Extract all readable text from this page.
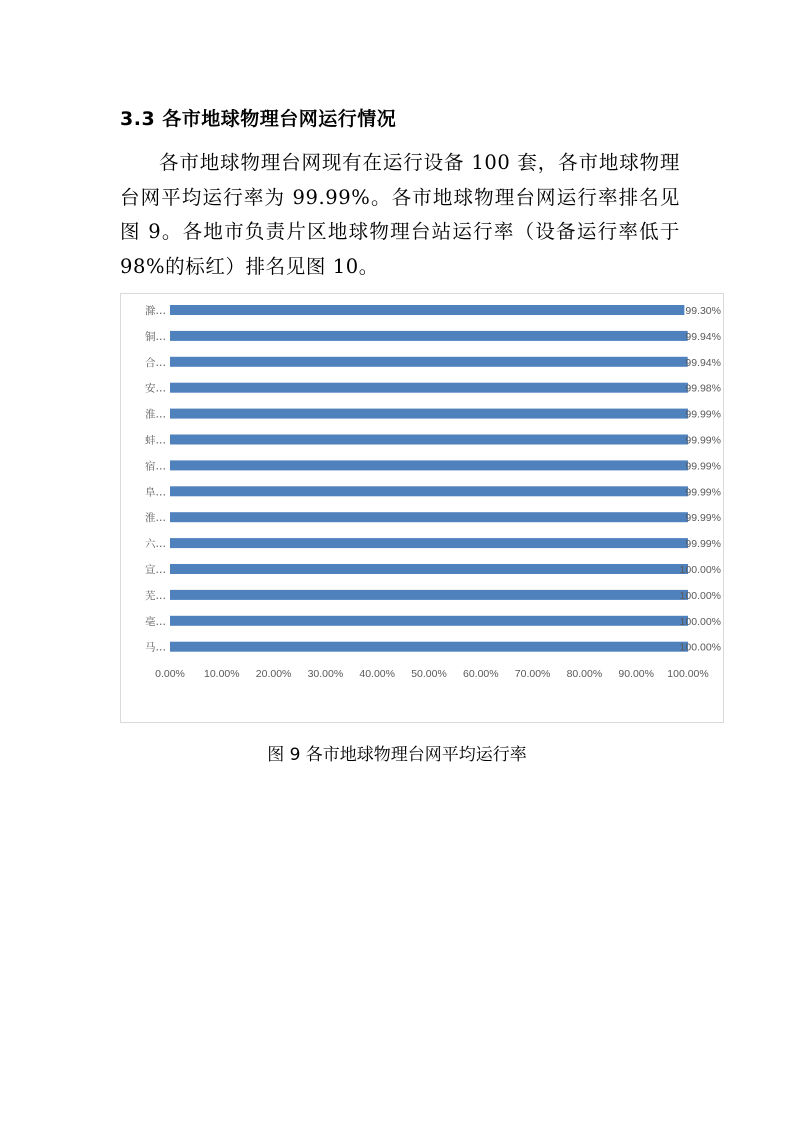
3.3 各市地球物理台网运行情况
各市地球物理台网现有在运行设备 100 套，各市地球物理台网平均运行率为 99.99%。各市地球物理台网运行率排名见图 9。各地市负责片区地球物理台站运行率（设备运行率低于 98%的标红）排名见图 10。
滁…
铜…
合…
安…
淮…
蚌…
宿…
阜…
淮…
六…
宣…
芜…
亳…
马…
99.30%
99.94%
99.94%
99.98%
99.99%
99.99%
99.99%
99.99%
99.99%
99.99%
100.00%
100.00%
100.00%
100.00%
0.00% 10.00% 20.00% 30.00% 40.00% 50.00% 60.00% 70.00% 80.00% 90.00% 100.00%
图 9 各市地球物理台网平均运行率
